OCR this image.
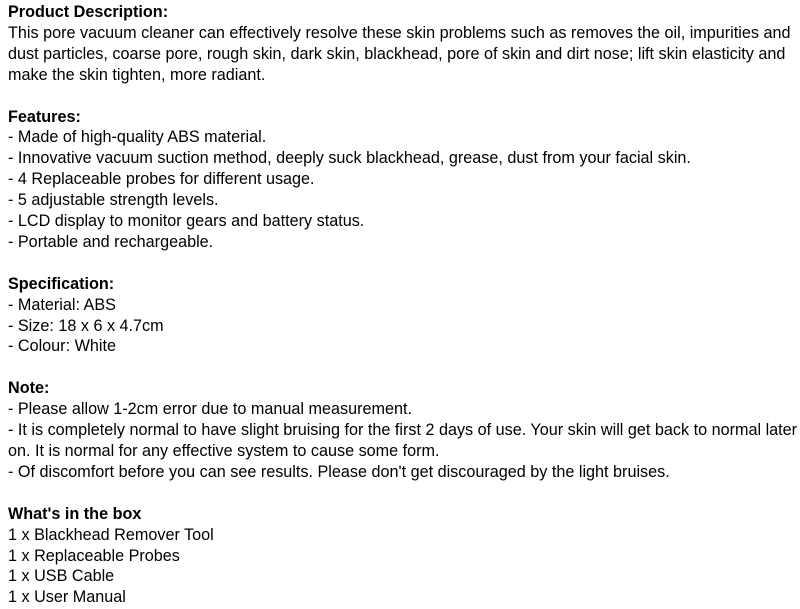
Product Description:
This pore vacuum cleaner can effectively resolve these skin problems such as removes the oil, impurities and dust particles, coarse pore, rough skin, dark skin, blackhead, pore of skin and dirt nose; lift skin elasticity and make the skin tighten, more radiant.
Features:
- Made of high-quality ABS material.
- Innovative vacuum suction method, deeply suck blackhead, grease, dust from your facial skin.
- 4 Replaceable probes for different usage.
- 5 adjustable strength levels.
- LCD display to monitor gears and battery status.
- Portable and rechargeable.
Specification:
- Material: ABS
- Size: 18 x 6 x 4.7cm
- Colour: White
Note:
- Please allow 1-2cm error due to manual measurement.
- It is completely normal to have slight bruising for the first 2 days of use. Your skin will get back to normal later on. It is normal for any effective system to cause some form.
- Of discomfort before you can see results. Please don't get discouraged by the light bruises.
What's in the box
1 x Blackhead Remover Tool
1 x Replaceable Probes
1 x USB Cable
1 x User Manual
